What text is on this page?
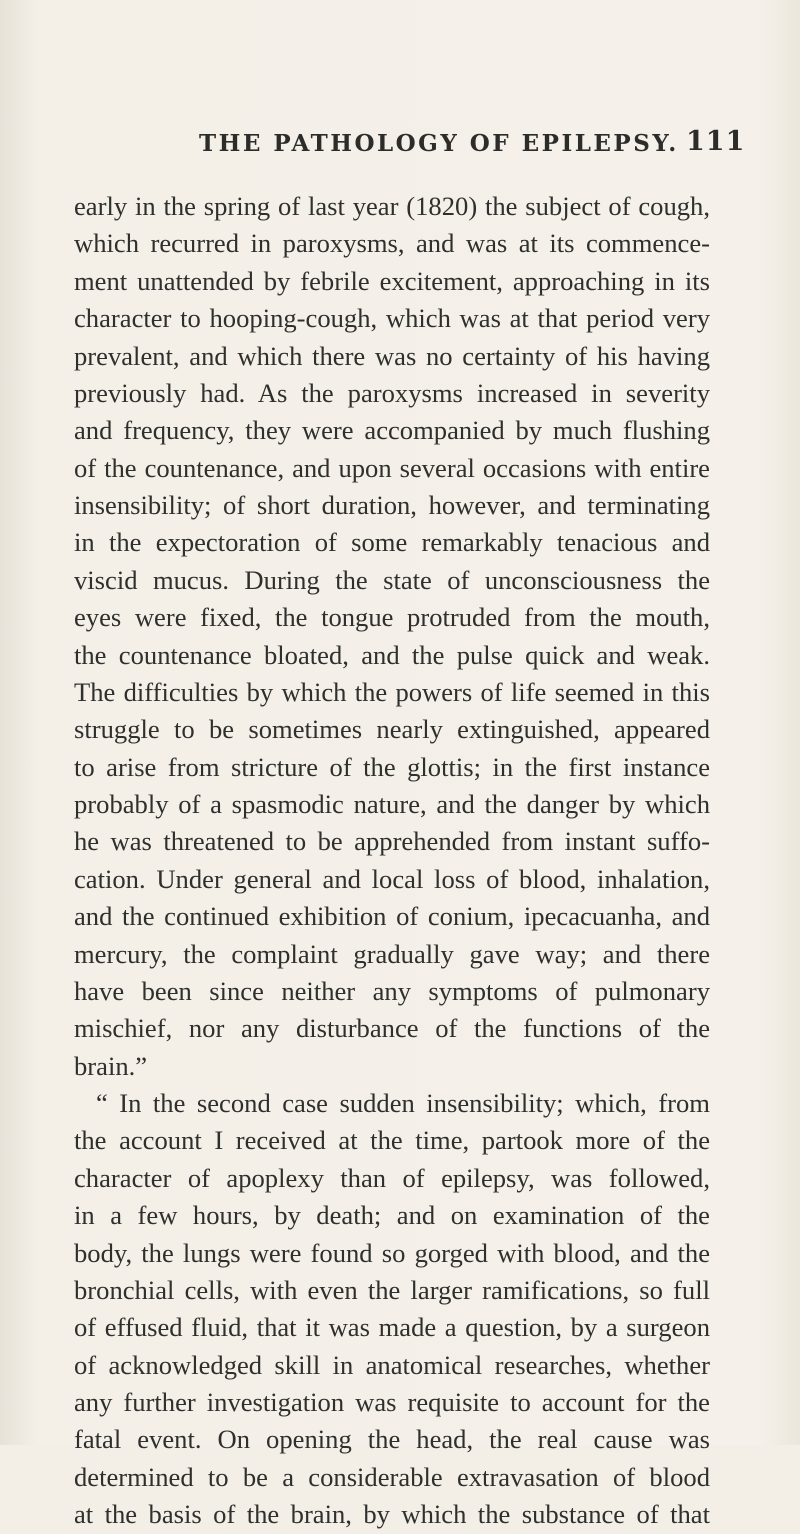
THE PATHOLOGY OF EPILEPSY. 111
early in the spring of last year (1820) the subject of cough,
which recurred in paroxysms, and was at its commence-
ment unattended by febrile excitement, approaching in its
character to hooping-cough, which was at that period very
prevalent, and which there was no certainty of his having
previously had. As the paroxysms increased in severity
and frequency, they were accompanied by much flushing
of the countenance, and upon several occasions with entire
insensibility; of short duration, however, and terminating
in the expectoration of some remarkably tenacious and
viscid mucus. During the state of unconsciousness the
eyes were fixed, the tongue protruded from the mouth,
the countenance bloated, and the pulse quick and weak.
The difficulties by which the powers of life seemed in this
struggle to be sometimes nearly extinguished, appeared
to arise from stricture of the glottis; in the first instance
probably of a spasmodic nature, and the danger by which
he was threatened to be apprehended from instant suffo-
cation. Under general and local loss of blood, inhalation,
and the continued exhibition of conium, ipecacuanha, and
mercury, the complaint gradually gave way; and there
have been since neither any symptoms of pulmonary
mischief, nor any disturbance of the functions of the
brain.”
“ In the second case sudden insensibility; which, from
the account I received at the time, partook more of the
character of apoplexy than of epilepsy, was followed,
in a few hours, by death; and on examination of the
body, the lungs were found so gorged with blood, and the
bronchial cells, with even the larger ramifications, so full
of effused fluid, that it was made a question, by a surgeon
of acknowledged skill in anatomical researches, whether
any further investigation was requisite to account for the
fatal event. On opening the head, the real cause was
determined to be a considerable extravasation of blood
at the basis of the brain, by which the substance of that
